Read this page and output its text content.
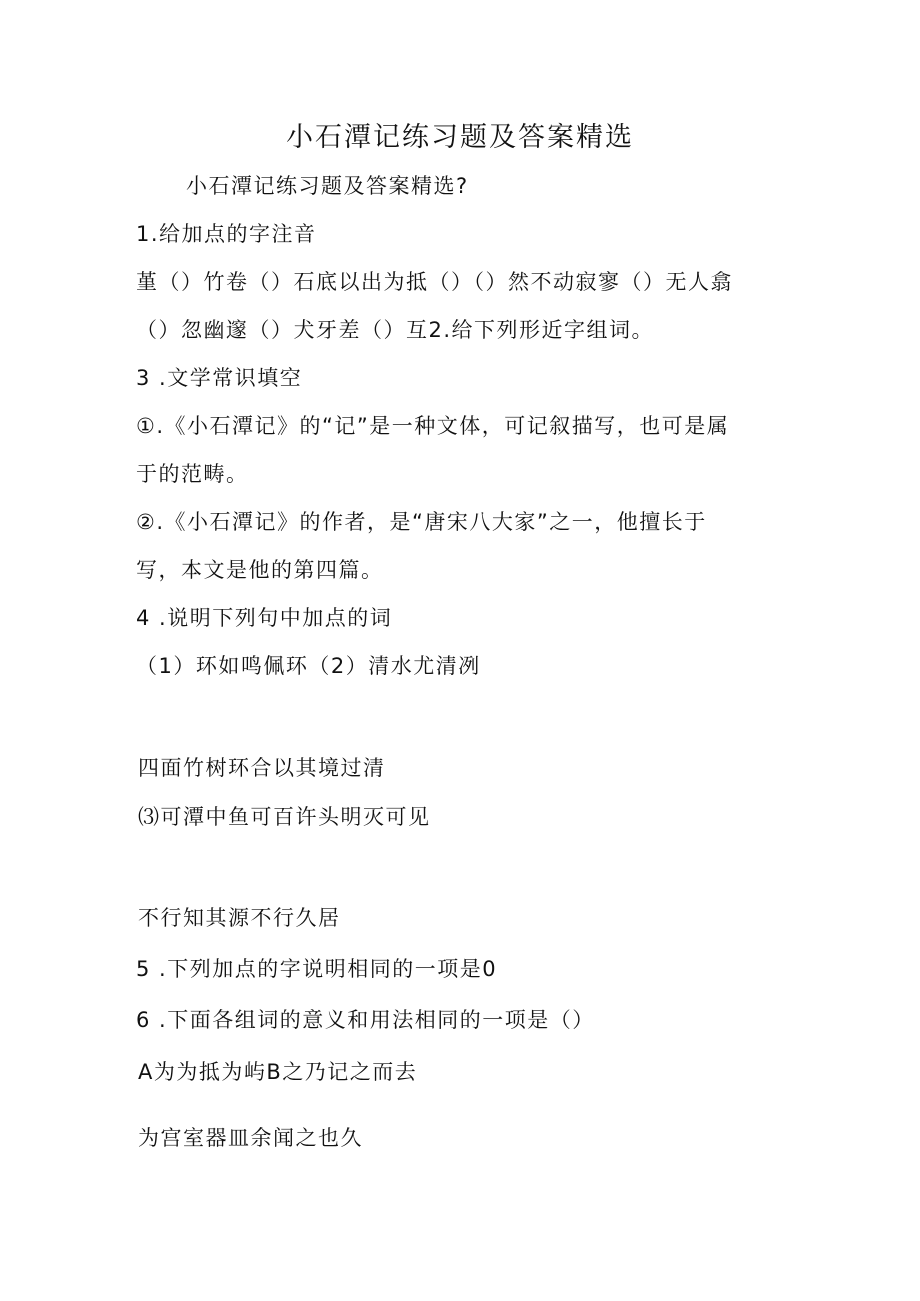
小石潭记练习题及答案精选
小石潭记练习题及答案精选?
1.给加点的字注音
堇（）竹卷（）石底以出为抵（）（）然不动寂寥（）无人翕
（）忽幽邃（）犬牙差（）互2.给下列形近字组词。
3 .文学常识填空
①.《小石潭记》的“记”是一种文体，可记叙描写，也可是属
于的范畴。
②.《小石潭记》的作者，是“唐宋八大家”之一，他擅长于
写，本文是他的第四篇。
4 .说明下列句中加点的词
（1）环如鸣佩环（2）清水尤清冽
四面竹树环合以其境过清
⑶可潭中鱼可百许头明灭可见
不行知其源不行久居
5 .下列加点的字说明相同的一项是0
6 .下面各组词的意义和用法相同的一项是（）
A为为抵为屿B之乃记之而去
为宫室器皿余闻之也久
